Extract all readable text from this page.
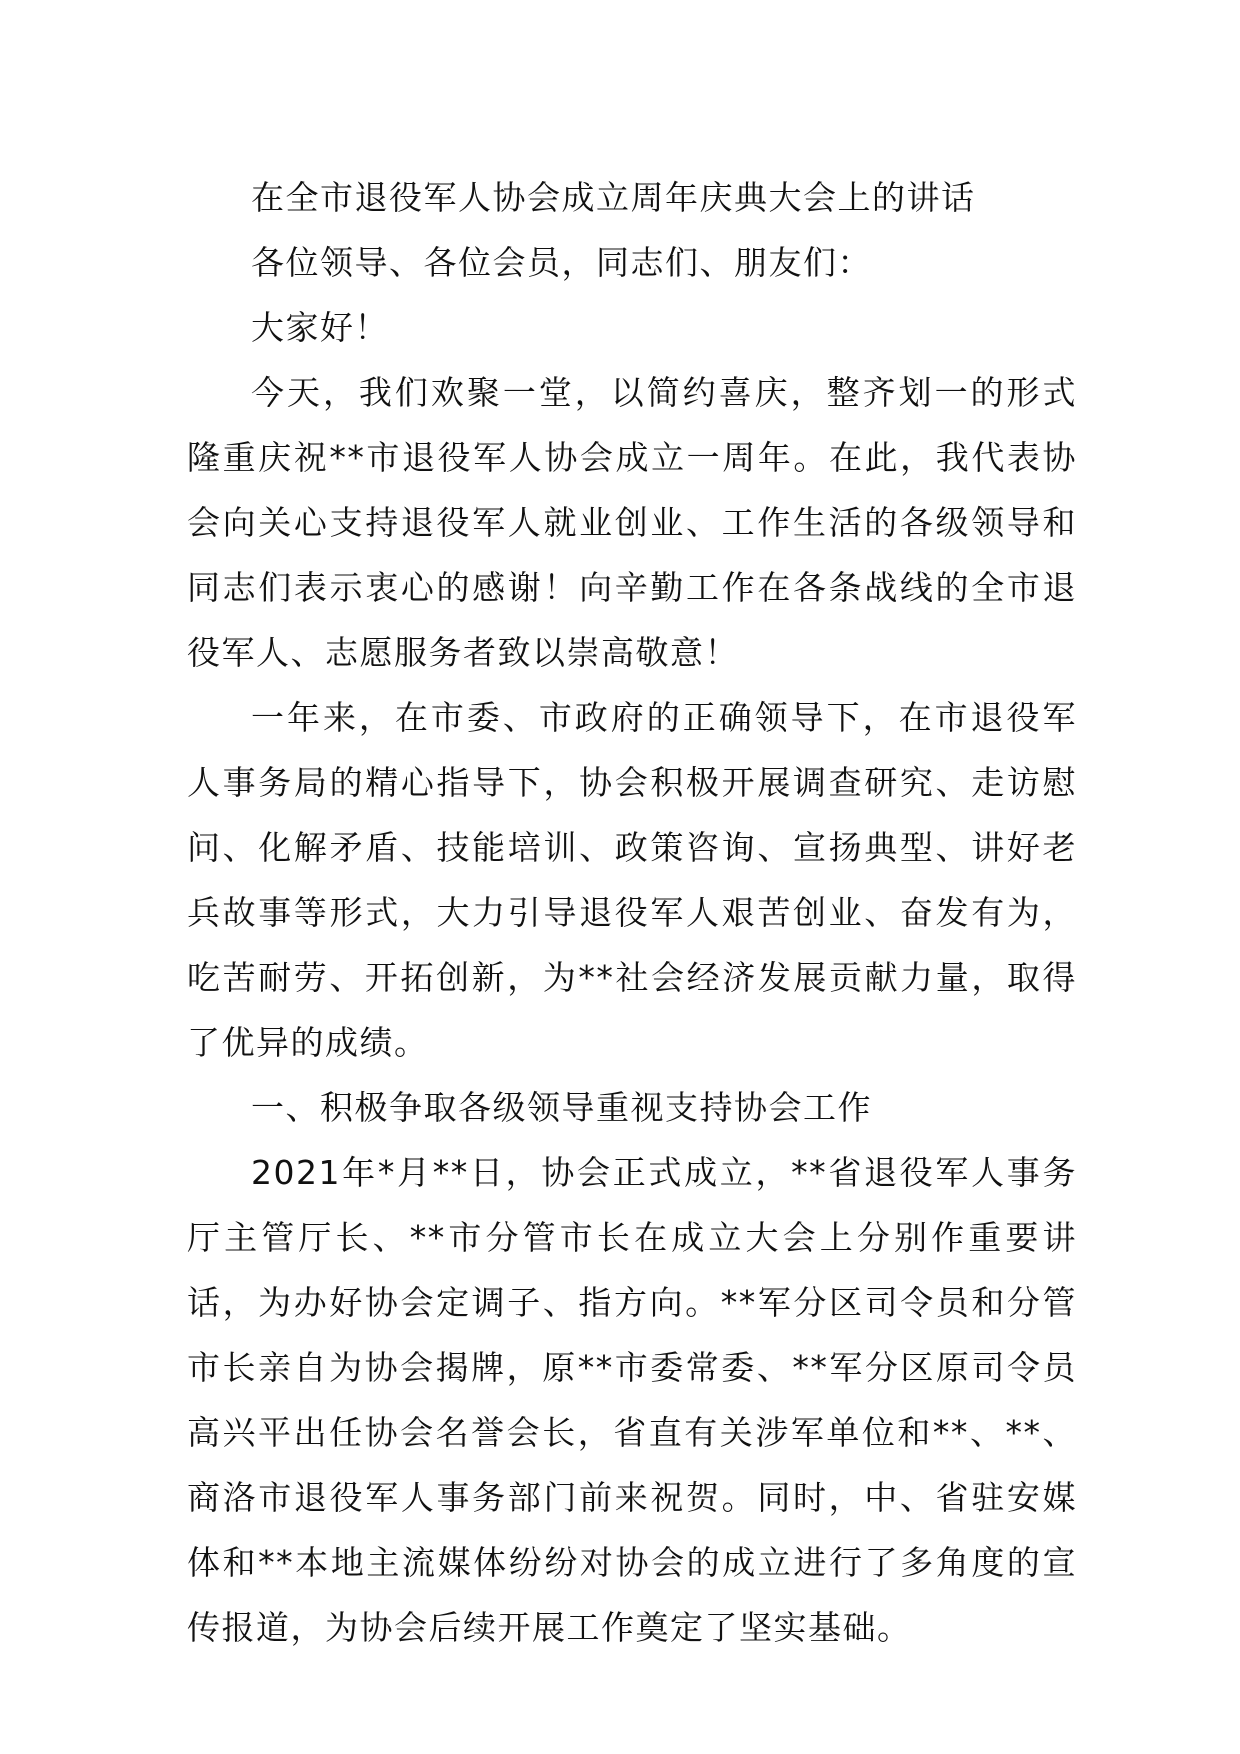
在全市退役军人协会成立周年庆典大会上的讲话

各位领导、各位会员，同志们、朋友们：

大家好！

今天，我们欢聚一堂，以简约喜庆，整齐划一的形式隆重庆祝**市退役军人协会成立一周年。在此，我代表协会向关心支持退役军人就业创业、工作生活的各级领导和同志们表示衷心的感谢！向辛勤工作在各条战线的全市退役军人、志愿服务者致以崇高敬意！

一年来，在市委、市政府的正确领导下，在市退役军人事务局的精心指导下，协会积极开展调查研究、走访慰问、化解矛盾、技能培训、政策咨询、宣扬典型、讲好老兵故事等形式，大力引导退役军人艰苦创业、奋发有为，吃苦耐劳、开拓创新，为**社会经济发展贡献力量，取得了优异的成绩。

一、积极争取各级领导重视支持协会工作

2021年*月**日，协会正式成立，**省退役军人事务厅主管厅长、**市分管市长在成立大会上分别作重要讲话，为办好协会定调子、指方向。**军分区司令员和分管市长亲自为协会揭牌，原**市委常委、**军分区原司令员高兴平出任协会名誉会长，省直有关涉军单位和**、**、商洛市退役军人事务部门前来祝贺。同时，中、省驻安媒体和**本地主流媒体纷纷对协会的成立进行了多角度的宣传报道，为协会后续开展工作奠定了坚实基础。
